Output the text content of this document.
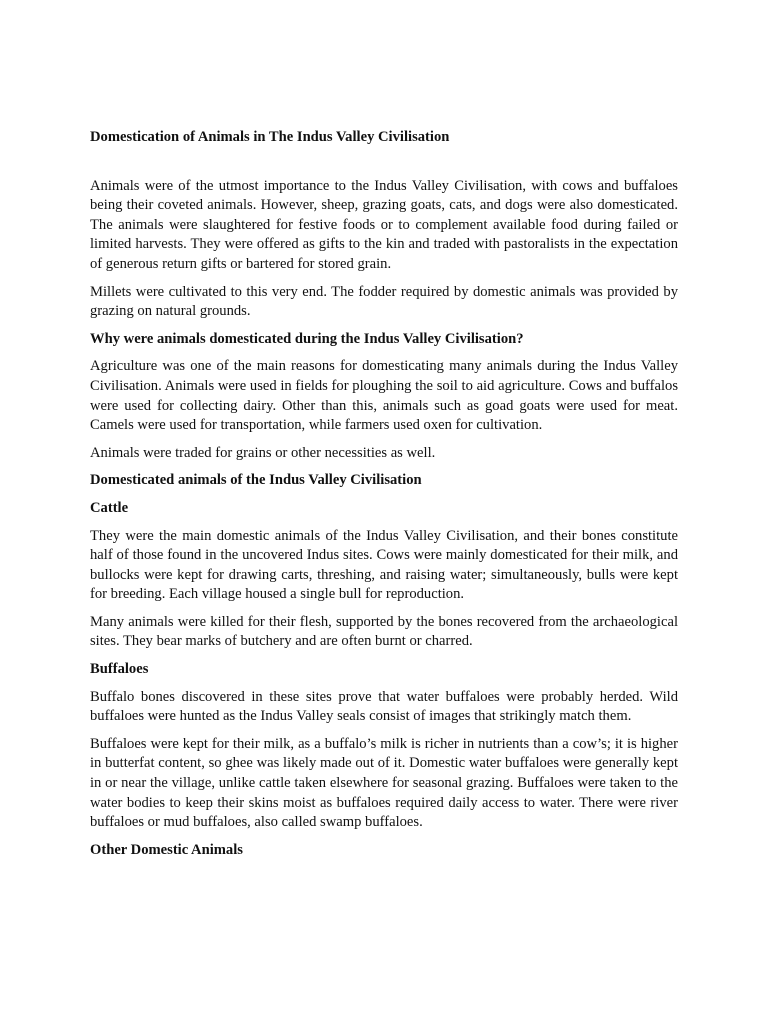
Domestication of Animals in The Indus Valley Civilisation
Animals were of the utmost importance to the Indus Valley Civilisation, with cows and buffaloes being their coveted animals. However, sheep, grazing goats, cats, and dogs were also domesticated. The animals were slaughtered for festive foods or to complement available food during failed or limited harvests. They were offered as gifts to the kin and traded with pastoralists in the expectation of generous return gifts or bartered for stored grain.
Millets were cultivated to this very end. The fodder required by domestic animals was provided by grazing on natural grounds.
Why were animals domesticated during the Indus Valley Civilisation?
Agriculture was one of the main reasons for domesticating many animals during the Indus Valley Civilisation. Animals were used in fields for ploughing the soil to aid agriculture. Cows and buffalos were used for collecting dairy. Other than this, animals such as goad goats were used for meat. Camels were used for transportation, while farmers used oxen for cultivation.
Animals were traded for grains or other necessities as well.
Domesticated animals of the Indus Valley Civilisation
Cattle
They were the main domestic animals of the Indus Valley Civilisation, and their bones constitute half of those found in the uncovered Indus sites. Cows were mainly domesticated for their milk, and bullocks were kept for drawing carts, threshing, and raising water; simultaneously, bulls were kept for breeding. Each village housed a single bull for reproduction.
Many animals were killed for their flesh, supported by the bones recovered from the archaeological sites. They bear marks of butchery and are often burnt or charred.
Buffaloes
Buffalo bones discovered in these sites prove that water buffaloes were probably herded. Wild buffaloes were hunted as the Indus Valley seals consist of images that strikingly match them.
Buffaloes were kept for their milk, as a buffalo’s milk is richer in nutrients than a cow’s; it is higher in butterfat content, so ghee was likely made out of it. Domestic water buffaloes were generally kept in or near the village, unlike cattle taken elsewhere for seasonal grazing. Buffaloes were taken to the water bodies to keep their skins moist as buffaloes required daily access to water. There were river buffaloes or mud buffaloes, also called swamp buffaloes.
Other Domestic Animals
